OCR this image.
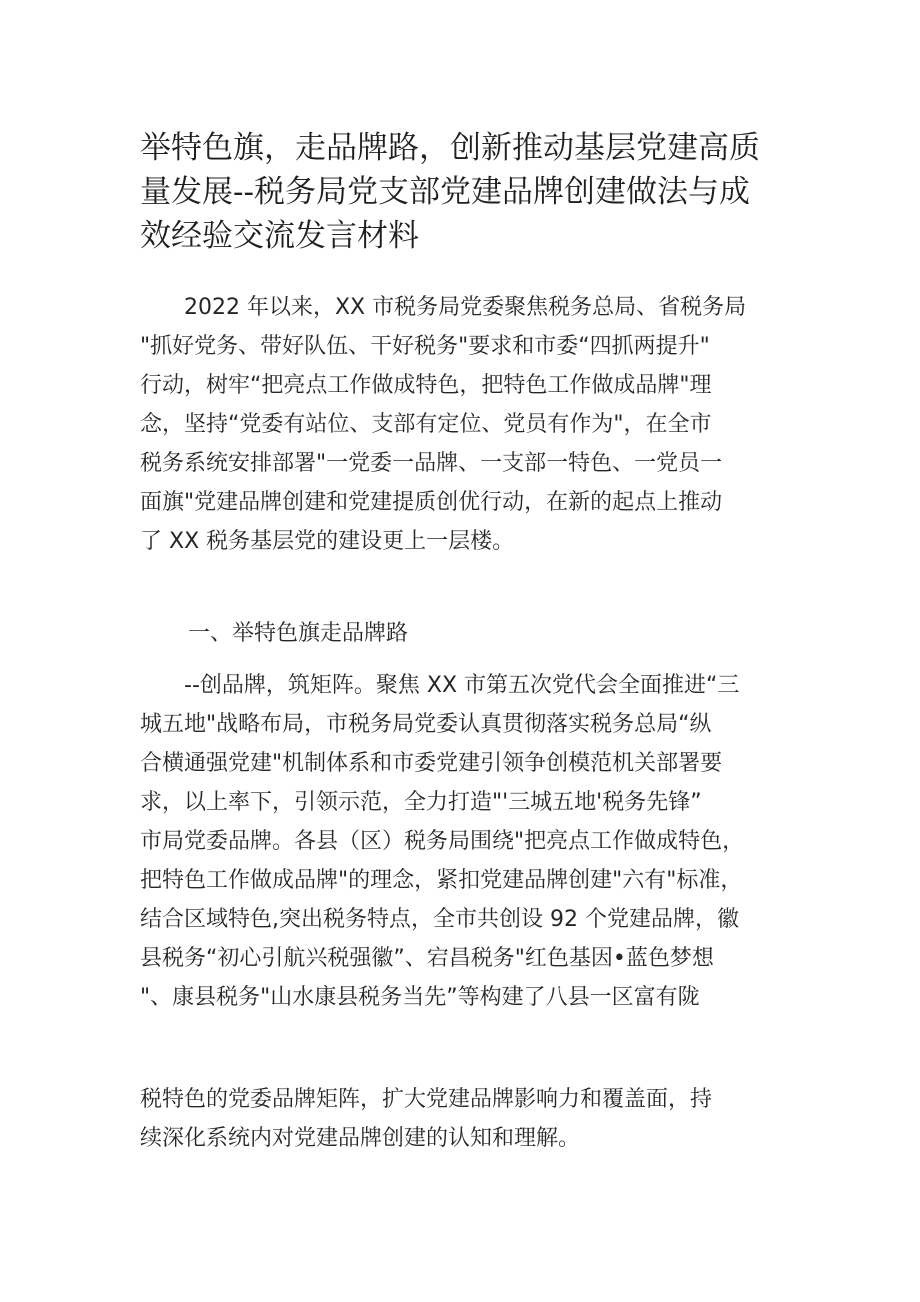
举特色旗，走品牌路，创新推动基层党建高质
量发展--税务局党支部党建品牌创建做法与成
效经验交流发言材料
　　2022 年以来，XX 市税务局党委聚焦税务总局、省税务局
"抓好党务、带好队伍、干好税务"要求和市委“四抓两提升"
行动，树牢“把亮点工作做成特色，把特色工作做成品牌"理
念，坚持“党委有站位、支部有定位、党员有作为"，在全市
税务系统安排部署"一党委一品牌、一支部一特色、一党员一
面旗"党建品牌创建和党建提质创优行动，在新的起点上推动
了 XX 税务基层党的建设更上一层楼。
一、举特色旗走品牌路
　　--创品牌，筑矩阵。聚焦 XX 市第五次党代会全面推进“三
城五地"战略布局，市税务局党委认真贯彻落实税务总局“纵
合横通强党建"机制体系和市委党建引领争创模范机关部署要
求，以上率下，引领示范，全力打造"'三城五地'税务先锋”
市局党委品牌。各县（区）税务局围绕"把亮点工作做成特色，
把特色工作做成品牌"的理念，紧扣党建品牌创建"六有"标准，
结合区域特色,突出税务特点，全市共创设 92 个党建品牌，徽
县税务“初心引航兴税强徽”、宕昌税务"红色基因•蓝色梦想
"、康县税务"山水康县税务当先”等构建了八县一区富有陇
税特色的党委品牌矩阵，扩大党建品牌影响力和覆盖面，持
续深化系统内对党建品牌创建的认知和理解。
